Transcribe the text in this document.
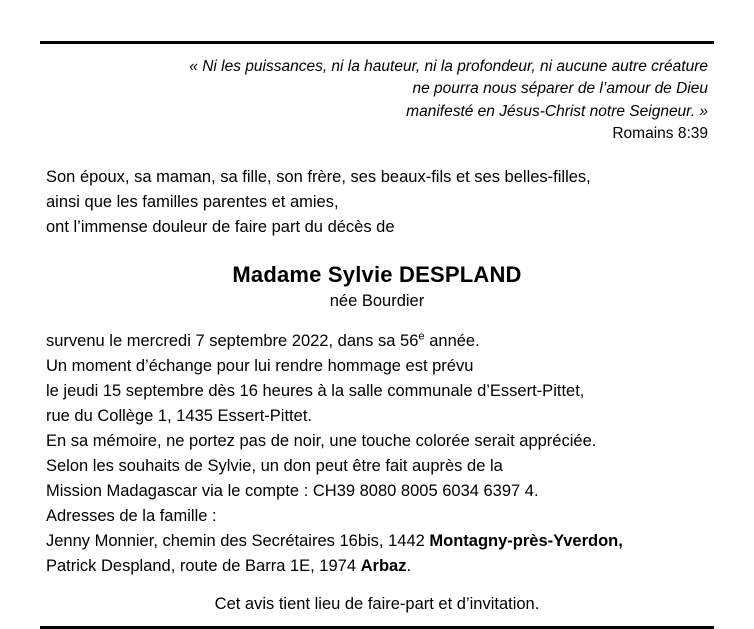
« Ni les puissances, ni la hauteur, ni la profondeur, ni aucune autre créature
ne pourra nous séparer de l’amour de Dieu
manifesté en Jésus-Christ notre Seigneur. »
Romains 8:39
Son époux, sa maman, sa fille, son frère, ses beaux-fils et ses belles-filles,
ainsi que les familles parentes et amies,
ont l’immense douleur de faire part du décès de
Madame Sylvie DESPLAND
née Bourdier
survenu le mercredi 7 septembre 2022, dans sa 56e année.
Un moment d’échange pour lui rendre hommage est prévu
le jeudi 15 septembre dès 16 heures à la salle communale d’Essert-Pittet,
rue du Collège 1, 1435 Essert-Pittet.
En sa mémoire, ne portez pas de noir, une touche colorée serait appréciée.
Selon les souhaits de Sylvie, un don peut être fait auprès de la
Mission Madagascar via le compte : CH39 8080 8005 6034 6397 4.
Adresses de la famille :
Jenny Monnier, chemin des Secrétaires 16bis, 1442 Montagny-près-Yverdon,
Patrick Despland, route de Barra 1E, 1974 Arbaz.
Cet avis tient lieu de faire-part et d’invitation.
